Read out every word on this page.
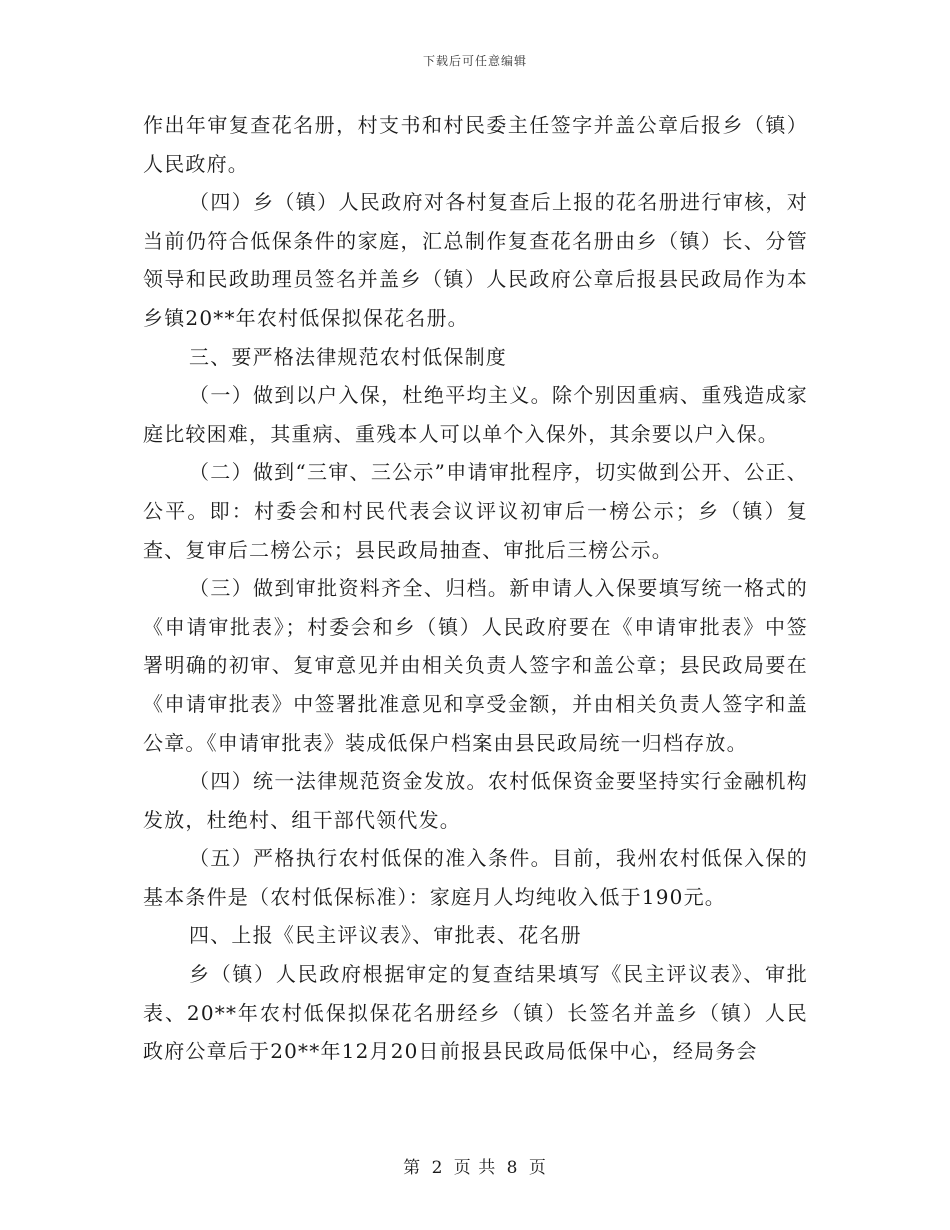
下载后可任意编辑

作出年审复查花名册，村支书和村民委主任签字并盖公章后报乡（镇）人民政府。

（四）乡（镇）人民政府对各村复查后上报的花名册进行审核，对当前仍符合低保条件的家庭，汇总制作复查花名册由乡（镇）长、分管领导和民政助理员签名并盖乡（镇）人民政府公章后报县民政局作为本乡镇20**年农村低保拟保花名册。

三、要严格法律规范农村低保制度

（一）做到以户入保，杜绝平均主义。除个别因重病、重残造成家庭比较困难，其重病、重残本人可以单个入保外，其余要以户入保。

（二）做到“三审、三公示”申请审批程序，切实做到公开、公正、公平。即：村委会和村民代表会议评议初审后一榜公示；乡（镇）复查、复审后二榜公示；县民政局抽查、审批后三榜公示。

（三）做到审批资料齐全、归档。新申请人入保要填写统一格式的《申请审批表》；村委会和乡（镇）人民政府要在《申请审批表》中签署明确的初审、复审意见并由相关负责人签字和盖公章；县民政局要在《申请审批表》中签署批准意见和享受金额，并由相关负责人签字和盖公章。《申请审批表》装成低保户档案由县民政局统一归档存放。

（四）统一法律规范资金发放。农村低保资金要坚持实行金融机构发放，杜绝村、组干部代领代发。

（五）严格执行农村低保的准入条件。目前，我州农村低保入保的基本条件是（农村低保标准）：家庭月人均纯收入低于190元。

四、上报《民主评议表》、审批表、花名册

乡（镇）人民政府根据审定的复查结果填写《民主评议表》、审批表、20**年农村低保拟保花名册经乡（镇）长签名并盖乡（镇）人民政府公章后于20**年12月20日前报县民政局低保中心，经局务会

第 2 页 共 8 页
